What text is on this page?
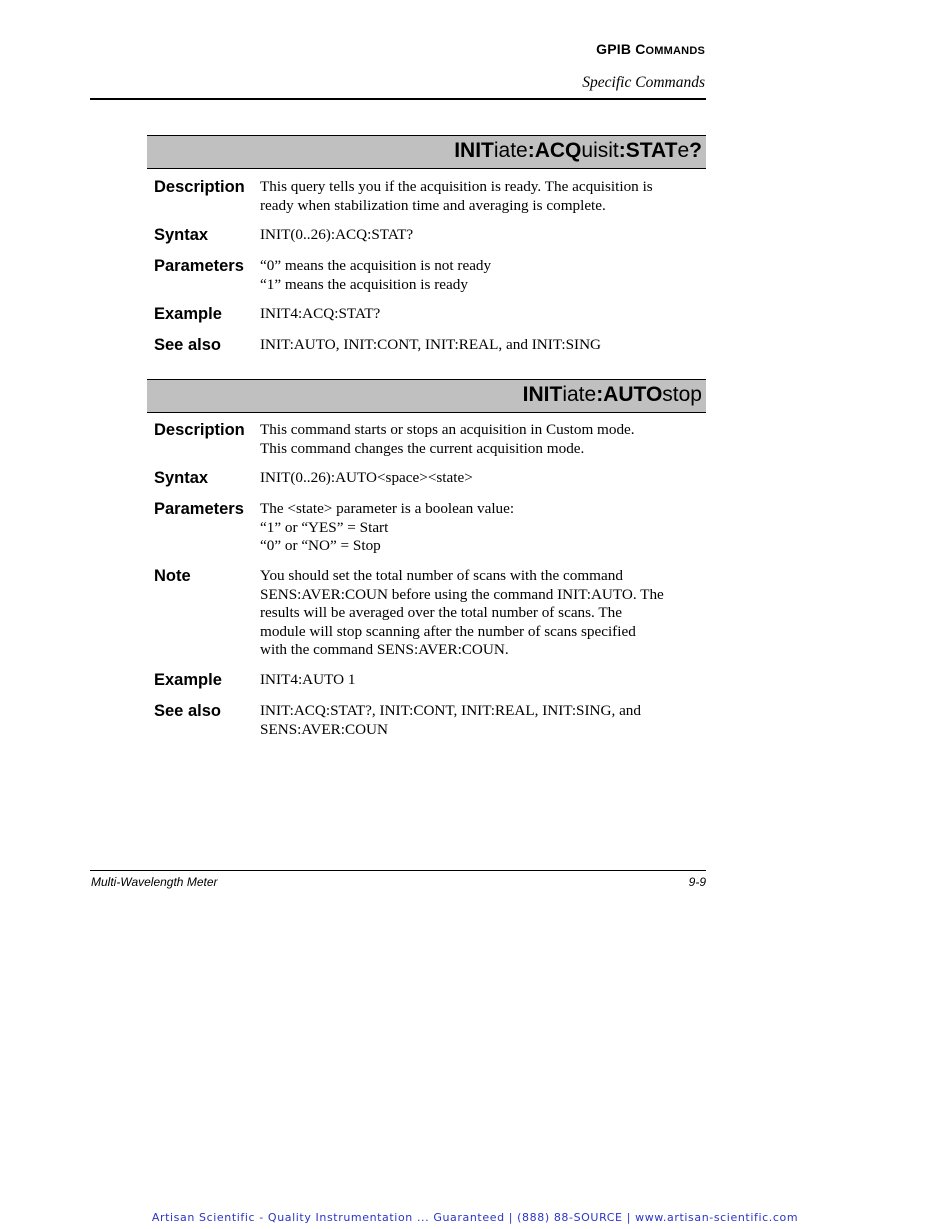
GPIB COMMANDS
Specific Commands
INITiate:ACQuisit:STATe?
Description This query tells you if the acquisition is ready. The acquisition is
ready when stabilization time and averaging is complete.
Syntax	INIT(0..26):ACQ:STAT?
Parameters “0” means the acquisition is not ready
“1” means the acquisition is ready
Example	INIT4:ACQ:STAT?
See also	INIT:AUTO, INIT:CONT, INIT:REAL, and INIT:SING
INITiate:AUTOstop
Description This command starts or stops an acquisition in Custom mode.
This command changes the current acquisition mode.
Syntax	INIT(0..26):AUTO<space><state>
Parameters The <state> parameter is a boolean value:
“1” or “YES” = Start
“0” or “NO” = Stop
Note	You should set the total number of scans with the command
SENS:AVER:COUN before using the command INIT:AUTO. The
results will be averaged over the total number of scans. The
module will stop scanning after the number of scans specified
with the command SENS:AVER:COUN.
Example	INIT4:AUTO 1
See also	INIT:ACQ:STAT?, INIT:CONT, INIT:REAL, INIT:SING, and
SENS:AVER:COUN
Multi-Wavelength Meter	9-9
Artisan Scientific - Quality Instrumentation ... Guaranteed | (888) 88-SOURCE | www.artisan-scientific.com
